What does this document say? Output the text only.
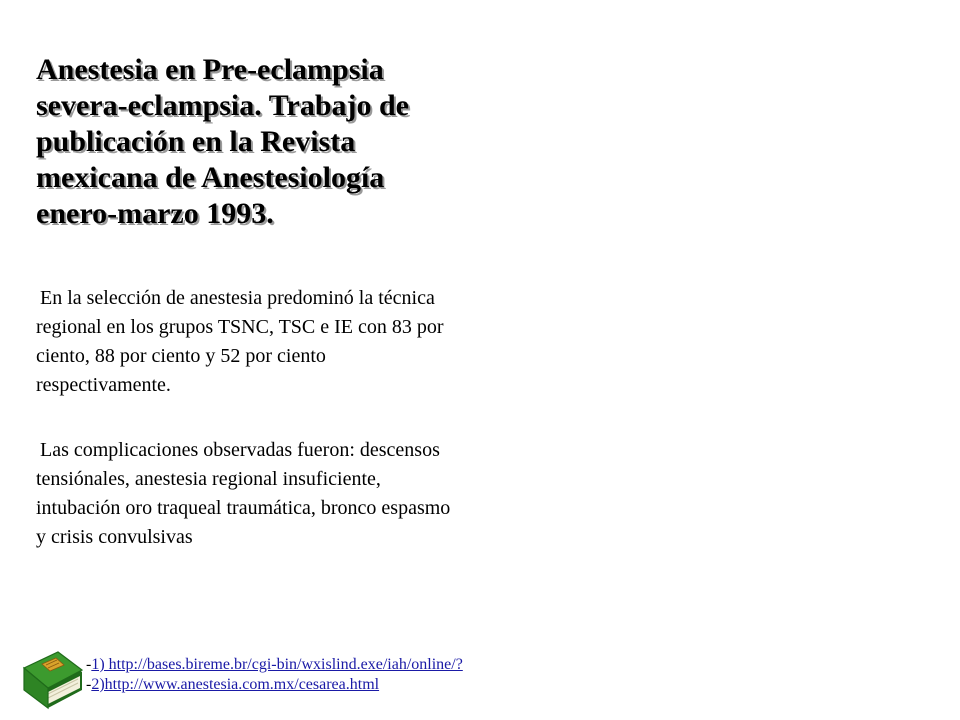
Anestesia en Pre-eclampsia severa-eclampsia. Trabajo de publicación en la Revista mexicana de Anestesiología enero-marzo 1993.

En la selección de anestesia predominó la técnica regional en los grupos TSNC, TSC e IE con 83 por ciento, 88 por ciento y 52 por ciento respectivamente.

Las complicaciones observadas fueron: descensos tensiónales, anestesia regional insuficiente, intubación oro traqueal traumática, bronco espasmo y crisis convulsivas

-1) http://bases.bireme.br/cgi-bin/wxislind.exe/iah/online/?
-2)http://www.anestesia.com.mx/cesarea.html
